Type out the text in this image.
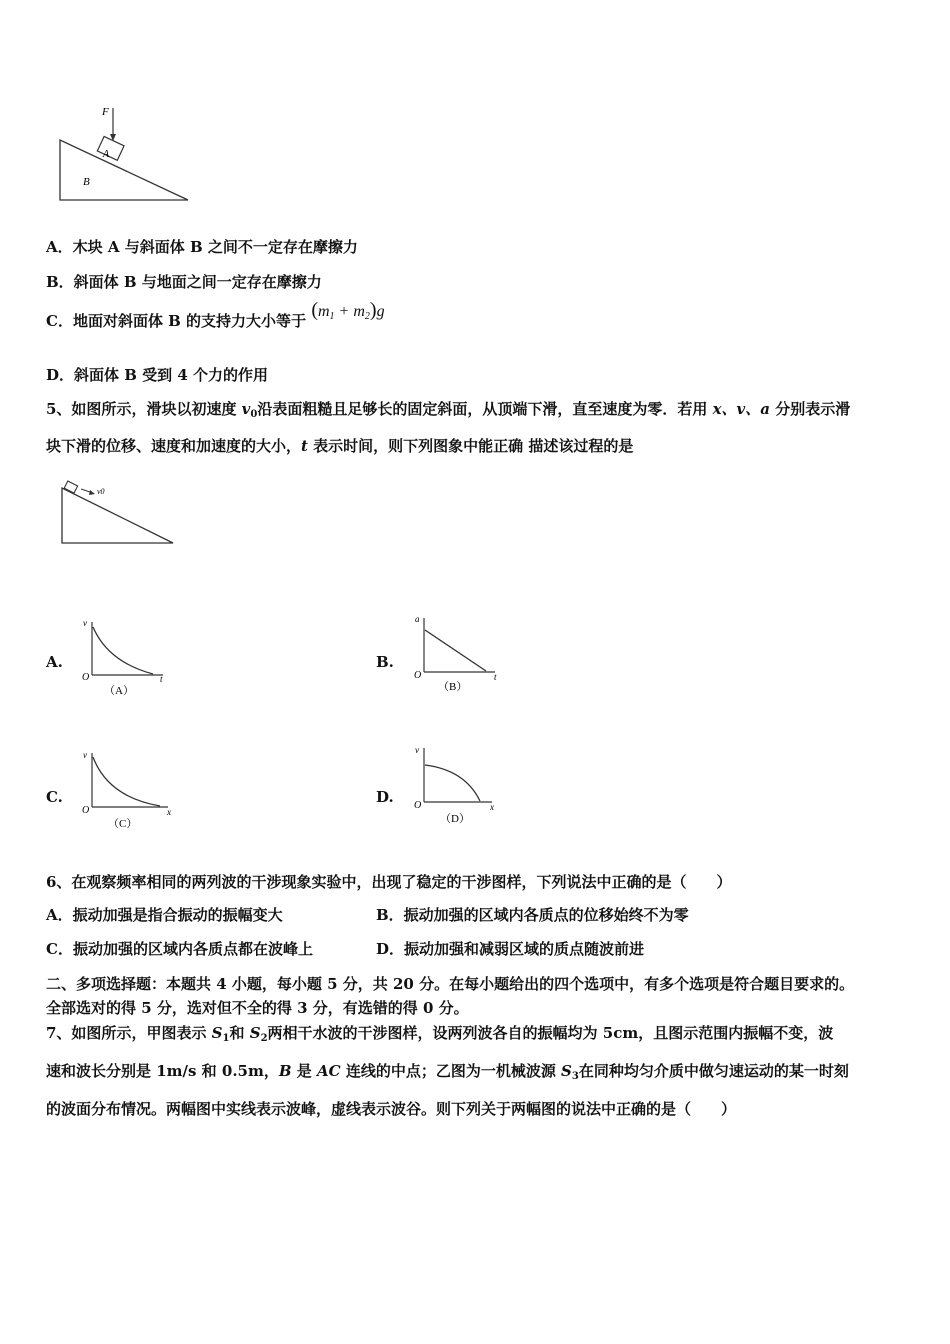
F
A
B
A．木块 A 与斜面体 B 之间不一定存在摩擦力
B．斜面体 B 与地面之间一定存在摩擦力
C．地面对斜面体 B 的支持力大小等于 $(m_1 + m_2)g$
D．斜面体 B 受到 4 个力的作用
5、如图所示，滑块以初速度 $v_0$沿表面粗糙且足够长的固定斜面，从顶端下滑，直至速度为零．若用 x、v、a 分别表示滑
块下滑的位移、速度和加速度的大小，t 表示时间，则下列图象中能正确 描述该过程的是
v0
A.
v
t
O
（A）
B.
a
t
O
（B）
C.
v
x
O
（C）
D.
v
x
O
（D）
6、在观察频率相同的两列波的干涉现象实验中，出现了稳定的干涉图样，下列说法中正确的是（　　）
A．振动加强是指合振动的振幅变大	B．振动加强的区域内各质点的位移始终不为零
C．振动加强的区域内各质点都在波峰上	D．振动加强和减弱区域的质点随波前进
二、多项选择题：本题共 4 小题，每小题 5 分，共 20 分。在每小题给出的四个选项中，有多个选项是符合题目要求的。
全部选对的得 5 分，选对但不全的得 3 分，有选错的得 0 分。
7、如图所示，甲图表示 $S_1$和 $S_2$两相干水波的干涉图样，设两列波各自的振幅均为 5cm，且图示范围内振幅不变，波
速和波长分别是 1m/s 和 0.5m，B 是 AC 连线的中点；乙图为一机械波源 $S_3$在同种均匀介质中做匀速运动的某一时刻
的波面分布情况。两幅图中实线表示波峰，虚线表示波谷。则下列关于两幅图的说法中正确的是（　　）
